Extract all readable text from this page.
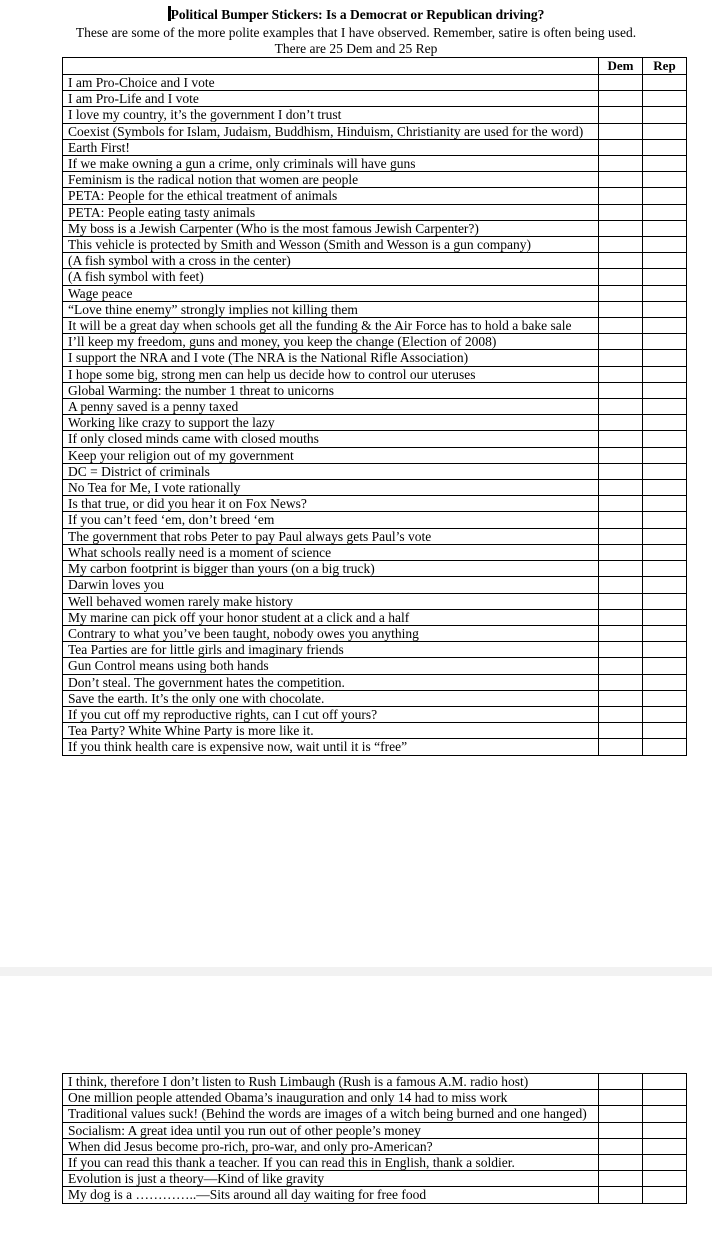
Political Bumper Stickers: Is a Democrat or Republican driving?
These are some of the more polite examples that I have observed. Remember, satire is often being used.
There are 25 Dem and 25 Rep
	Dem	Rep
I am Pro-Choice and I vote		
I am Pro-Life and I vote		
I love my country, it’s the government I don’t trust		
Coexist (Symbols for Islam, Judaism, Buddhism, Hinduism, Christianity are used for the word)		
Earth First!		
If we make owning a gun a crime, only criminals will have guns		
Feminism is the radical notion that women are people		
PETA: People for the ethical treatment of animals		
PETA: People eating tasty animals		
My boss is a Jewish Carpenter (Who is the most famous Jewish Carpenter?)		
This vehicle is protected by Smith and Wesson (Smith and Wesson is a gun company)		
(A fish symbol with a cross in the center)		
(A fish symbol with feet)		
Wage peace		
“Love thine enemy” strongly implies not killing them		
It will be a great day when schools get all the funding & the Air Force has to hold a bake sale		
I’ll keep my freedom, guns and money, you keep the change (Election of 2008)		
I support the NRA and I vote (The NRA is the National Rifle Association)		
I hope some big, strong men can help us decide how to control our uteruses		
Global Warming: the number 1 threat to unicorns		
A penny saved is a penny taxed		
Working like crazy to support the lazy		
If only closed minds came with closed mouths		
Keep your religion out of my government		
DC = District of criminals		
No Tea for Me, I vote rationally		
Is that true, or did you hear it on Fox News?		
If you can’t feed ‘em, don’t breed ‘em		
The government that robs Peter to pay Paul always gets Paul’s vote		
What schools really need is a moment of science		
My carbon footprint is bigger than yours (on a big truck)		
Darwin loves you		
Well behaved women rarely make history		
My marine can pick off your honor student at a click and a half		
Contrary to what you’ve been taught, nobody owes you anything		
Tea Parties are for little girls and imaginary friends		
Gun Control means using both hands		
Don’t steal. The government hates the competition.		
Save the earth. It’s the only one with chocolate.		
If you cut off my reproductive rights, can I cut off yours?		
Tea Party? White Whine Party is more like it.		
If you think health care is expensive now, wait until it is “free”		
I think, therefore I don’t listen to Rush Limbaugh (Rush is a famous A.M. radio host)		
One million people attended Obama’s inauguration and only 14 had to miss work		
Traditional values suck! (Behind the words are images of a witch being burned and one hanged)		
Socialism: A great idea until you run out of other people’s money		
When did Jesus become pro-rich, pro-war, and only pro-American?		
If you can read this thank a teacher. If you can read this in English, thank a soldier.		
Evolution is just a theory—Kind of like gravity		
My dog is a …………..—Sits around all day waiting for free food		
